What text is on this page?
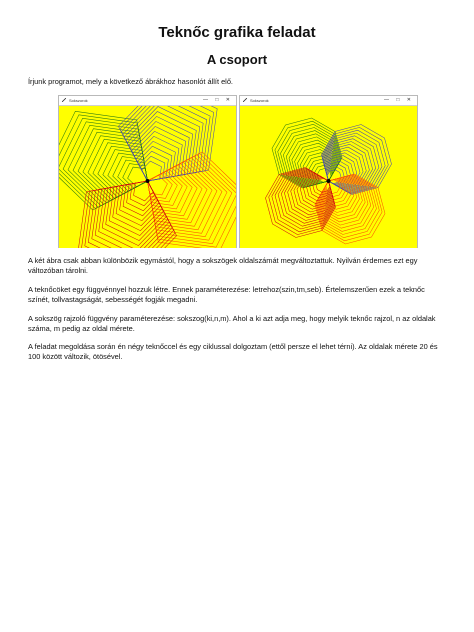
Teknőc grafika feladat
A csoport

Írjunk programot, mely a következő ábrákhoz hasonlót állít elő.

Sokszorok	— □ ✕	Sokszorok	— □ ✕

A két ábra csak abban különbözik egymástól, hogy a sokszögek oldalszámát megváltoztattuk. Nyilván érdemes ezt egy változóban tárolni.

A teknőcöket egy függvénnyel hozzuk létre. Ennek paraméterezése: letrehoz(szin,tm,seb). Értelemszerűen ezek a teknőc színét, tollvastagságát, sebességét fogják megadni.

A sokszög rajzoló függvény paraméterezése: sokszog(ki,n,m). Ahol a ki azt adja meg, hogy melyik teknőc rajzol, n az oldalak száma, m pedig az oldal mérete.

A feladat megoldása során én négy teknőccel és egy ciklussal dolgoztam (ettől persze el lehet térni). Az oldalak mérete 20 és 100 között változik, ötösével.
